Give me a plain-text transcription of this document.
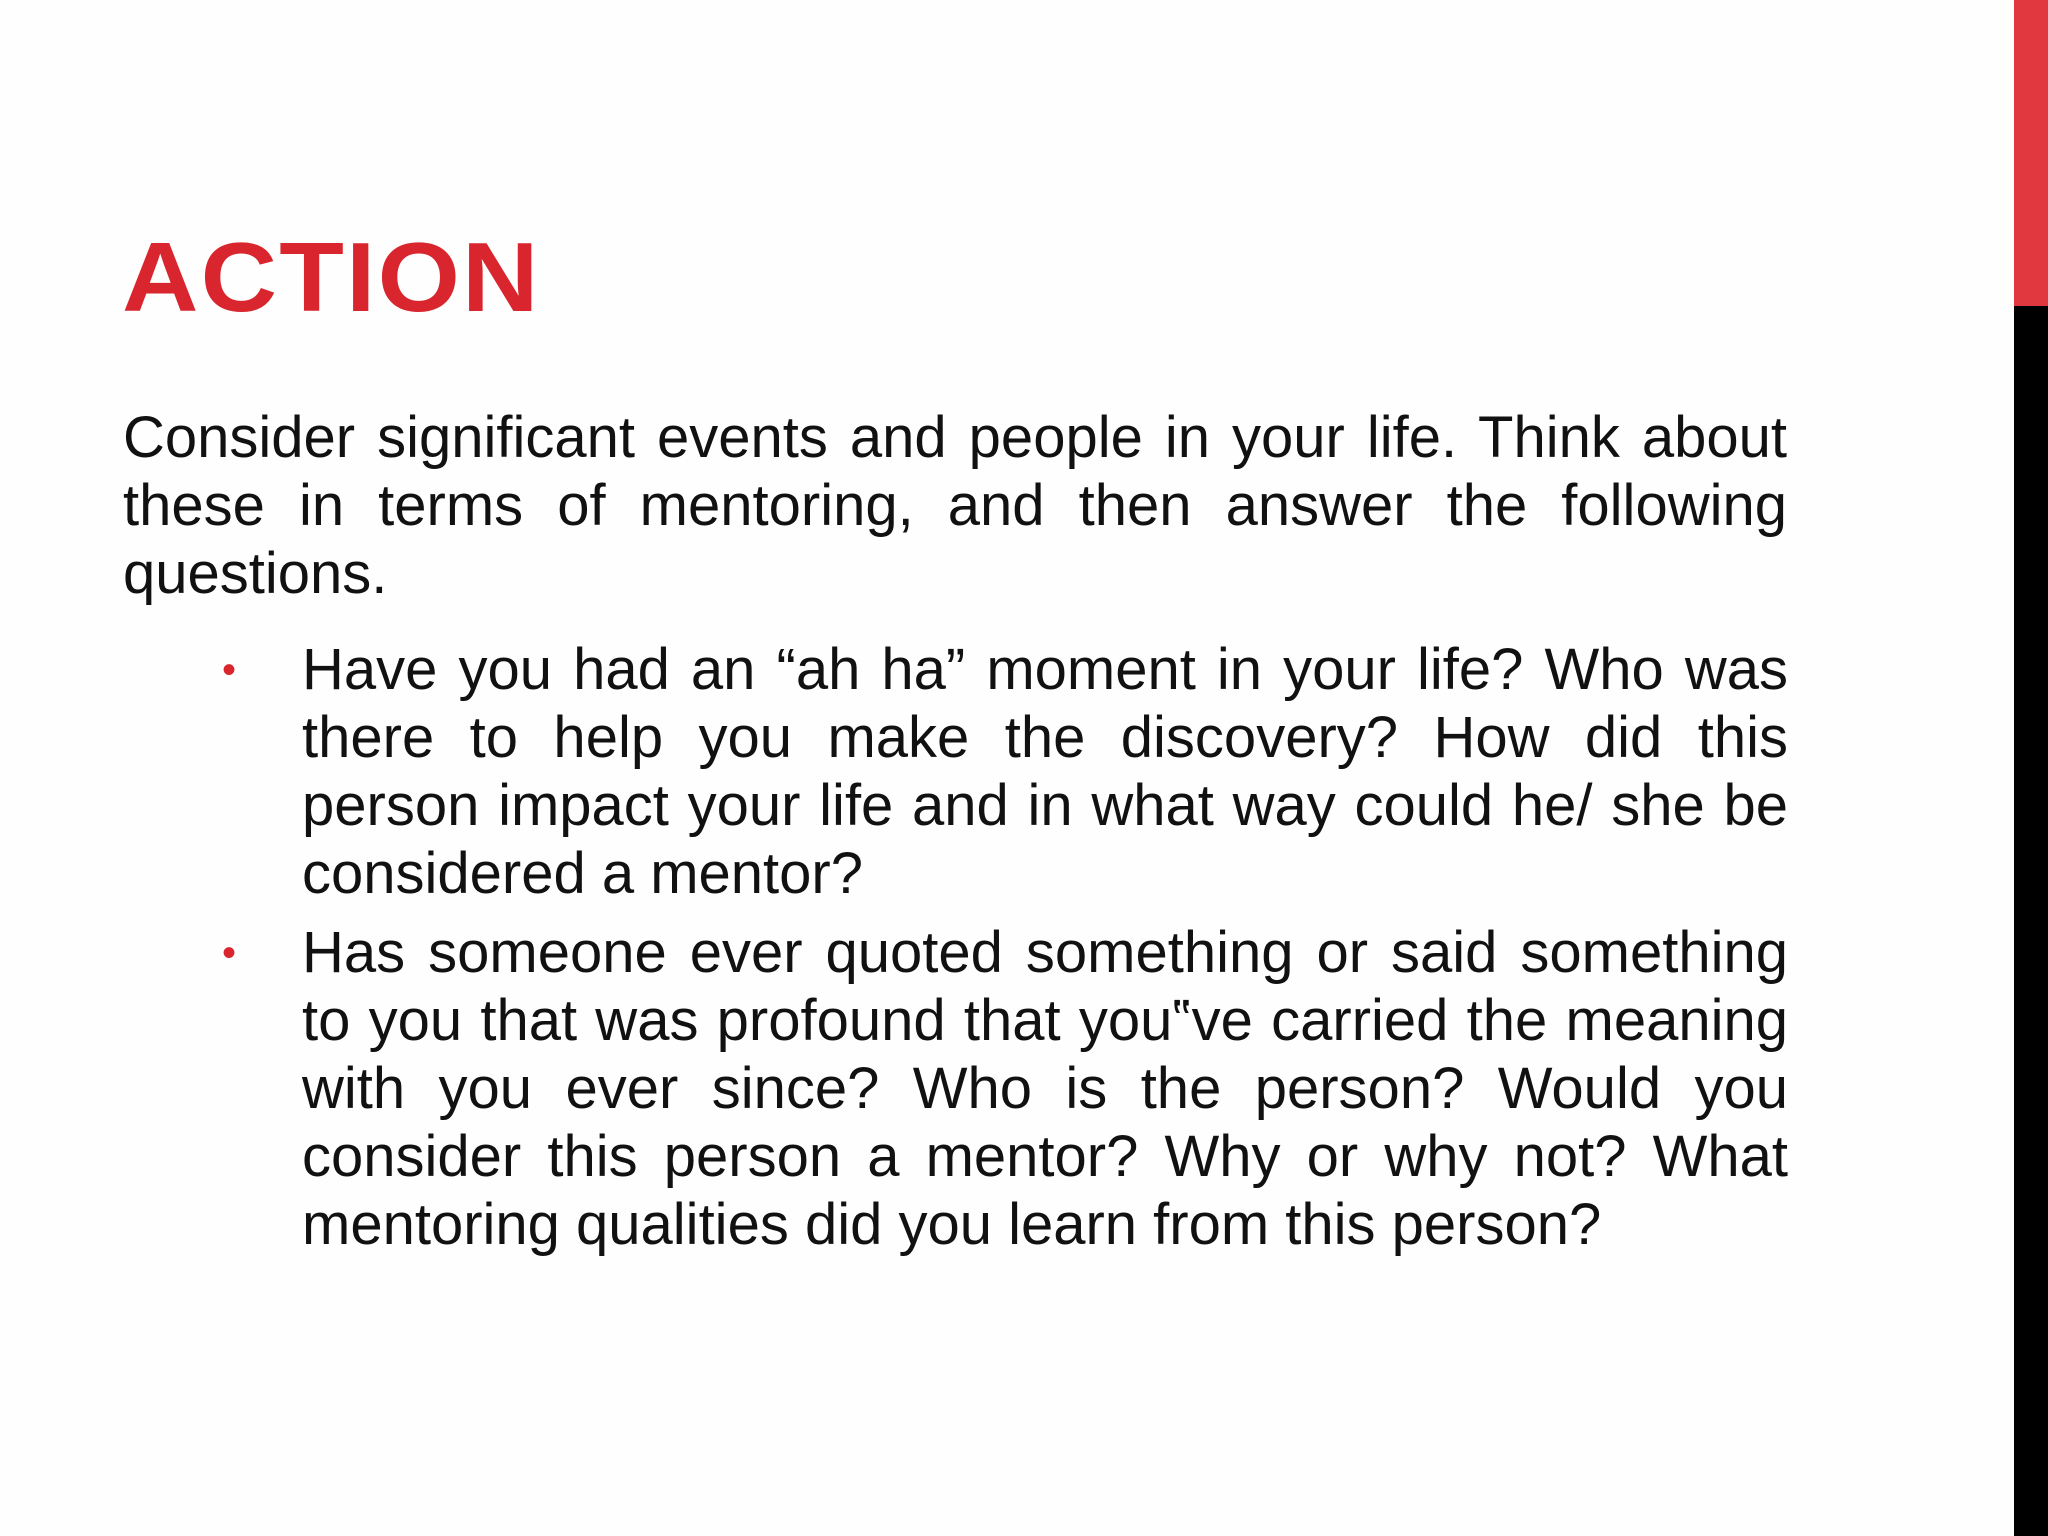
ACTION

Consider significant events and people in your life. Think about these in terms of mentoring, and then answer the following questions.

• Have you had an “ah ha” moment in your life? Who was there to help you make the discovery? How did this person impact your life and in what way could he/ she be considered a mentor?
• Has someone ever quoted something or said something to you that was profound that you‟ve carried the meaning with you ever since? Who is the person? Would you consider this person a mentor? Why or why not? What mentoring qualities did you learn from this person?
